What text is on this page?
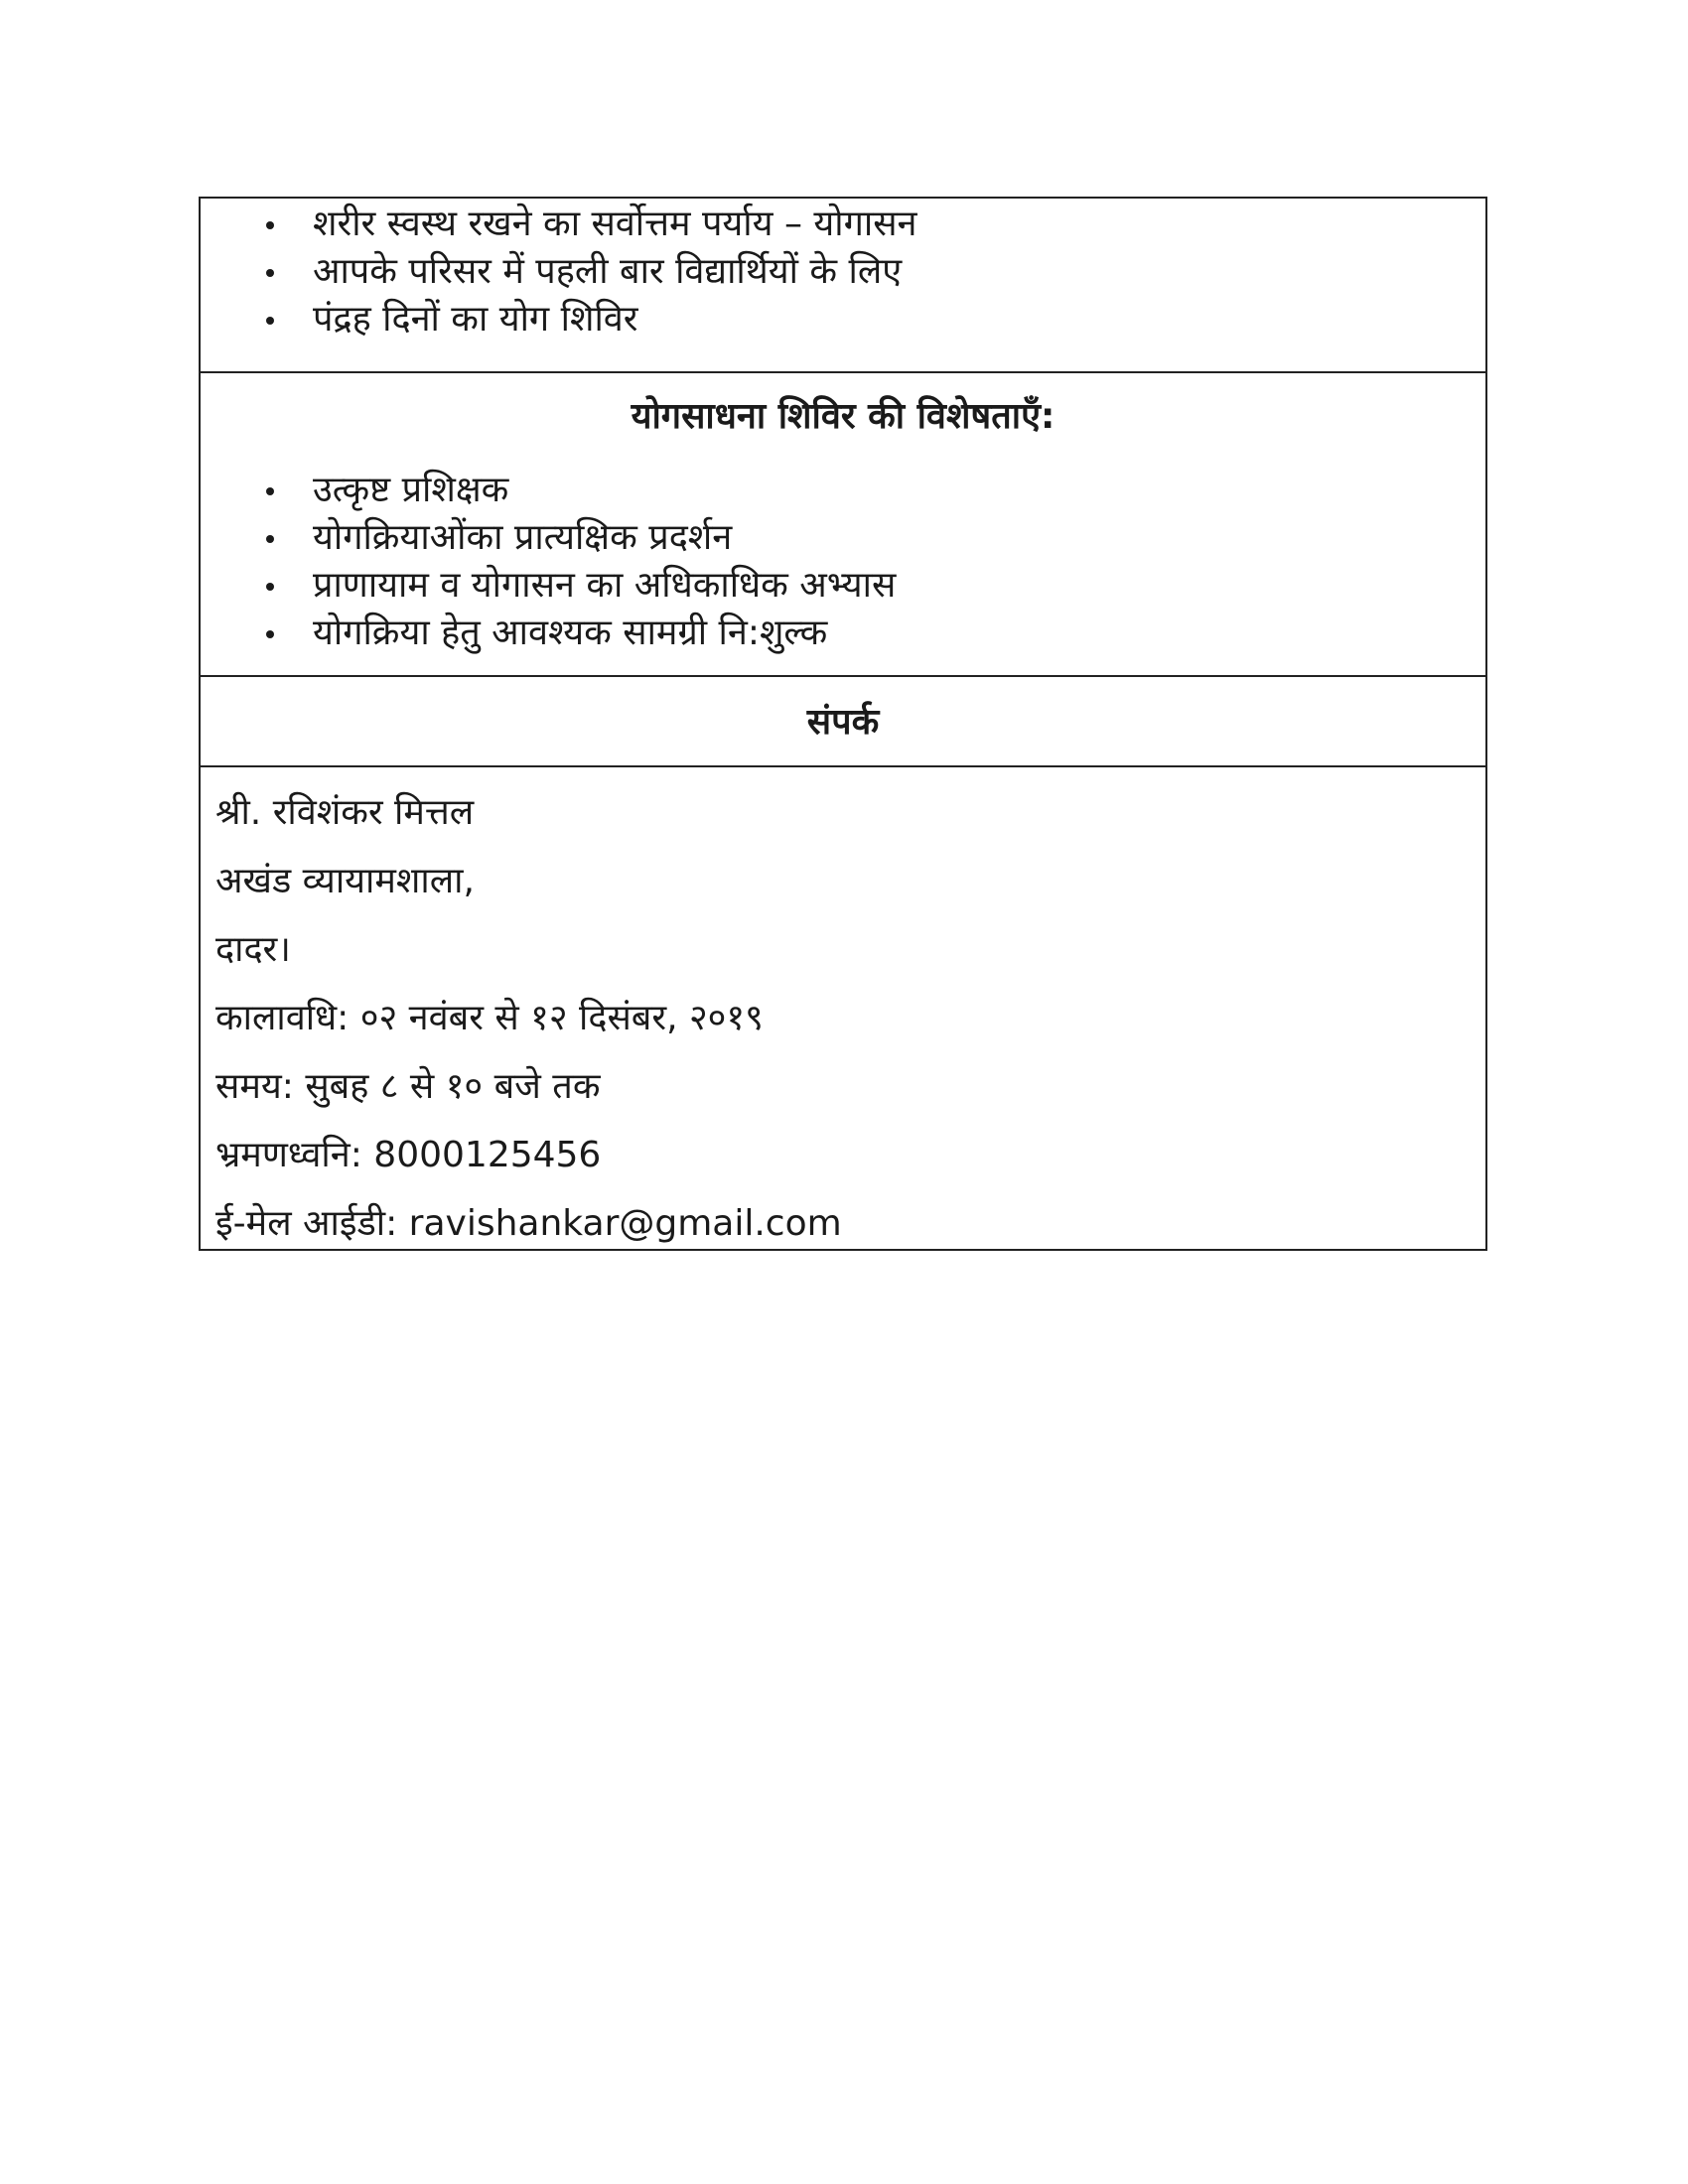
शरीर स्वस्थ रखने का सर्वोत्तम पर्याय – योगासन
आपके परिसर में पहली बार विद्यार्थियों के लिए
पंद्रह दिनों का योग शिविर
योगसाधना शिविर की विशेषताएँ:
उत्कृष्ट प्रशिक्षक
योगक्रियाओंका प्रात्यक्षिक प्रदर्शन
प्राणायाम व योगासन का अधिकाधिक अभ्यास
योगक्रिया हेतु आवश्यक सामग्री नि:शुल्क
संपर्क
श्री. रविशंकर मित्तल
अखंड व्यायामशाला,
दादर।
कालावधि: ०२ नवंबर से १२ दिसंबर, २०१९
समय: सुबह ८ से १० बजे तक
भ्रमणध्वनि: 8000125456
ई-मेल आईडी: ravishankar@gmail.com
